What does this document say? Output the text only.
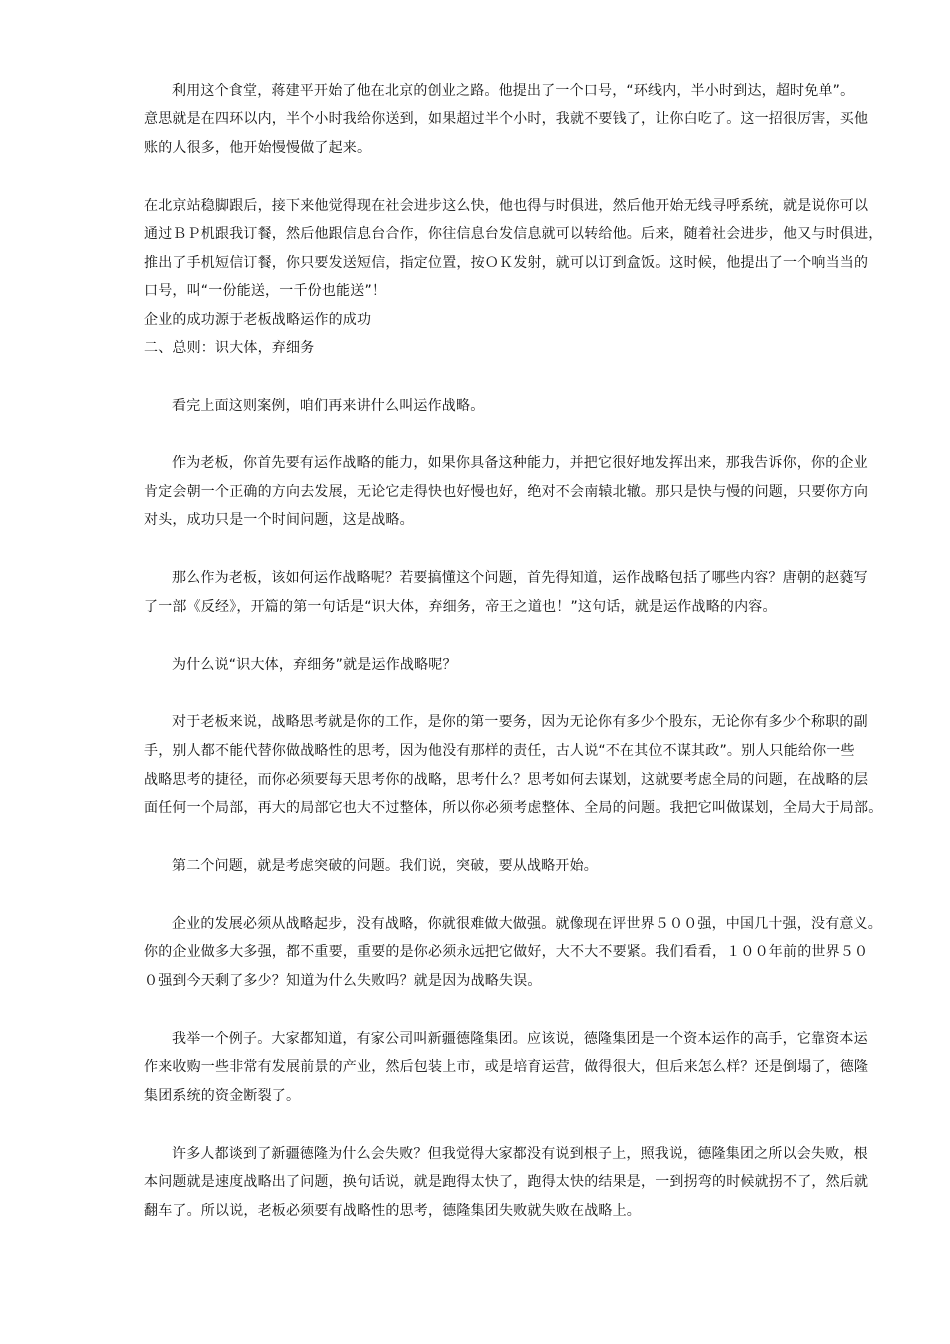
利用这个食堂，蒋建平开始了他在北京的创业之路。他提出了一个口号，“环线内，半小时到达，超时免单”。
意思就是在四环以内，半个小时我给你送到，如果超过半个小时，我就不要钱了，让你白吃了。这一招很厉害，买他
账的人很多，他开始慢慢做了起来。
在北京站稳脚跟后，接下来他觉得现在社会进步这么快，他也得与时俱进，然后他开始无线寻呼系统，就是说你可以
通过ＢＰ机跟我订餐，然后他跟信息台合作，你往信息台发信息就可以转给他。后来，随着社会进步，他又与时俱进，
推出了手机短信订餐，你只要发送短信，指定位置，按ＯＫ发射，就可以订到盒饭。这时候，他提出了一个响当当的
口号，叫“一份能送，一千份也能送”！
企业的成功源于老板战略运作的成功
二、总则：识大体，弃细务
看完上面这则案例，咱们再来讲什么叫运作战略。
作为老板，你首先要有运作战略的能力，如果你具备这种能力，并把它很好地发挥出来，那我告诉你，你的企业
肯定会朝一个正确的方向去发展，无论它走得快也好慢也好，绝对不会南辕北辙。那只是快与慢的问题，只要你方向
对头，成功只是一个时间问题，这是战略。
那么作为老板，该如何运作战略呢？若要搞懂这个问题，首先得知道，运作战略包括了哪些内容？唐朝的赵蕤写
了一部《反经》，开篇的第一句话是“识大体，弃细务，帝王之道也！”这句话，就是运作战略的内容。
为什么说“识大体，弃细务”就是运作战略呢？
对于老板来说，战略思考就是你的工作，是你的第一要务，因为无论你有多少个股东，无论你有多少个称职的副
手，别人都不能代替你做战略性的思考，因为他没有那样的责任，古人说“不在其位不谋其政”。别人只能给你一些
战略思考的捷径，而你必须要每天思考你的战略，思考什么？思考如何去谋划，这就要考虑全局的问题，在战略的层
面任何一个局部，再大的局部它也大不过整体，所以你必须考虑整体、全局的问题。我把它叫做谋划，全局大于局部。
第二个问题，就是考虑突破的问题。我们说，突破，要从战略开始。
企业的发展必须从战略起步，没有战略，你就很难做大做强。就像现在评世界５００强，中国几十强，没有意义。
你的企业做多大多强，都不重要，重要的是你必须永远把它做好，大不大不要紧。我们看看，１００年前的世界５０
０强到今天剩了多少？知道为什么失败吗？就是因为战略失误。
我举一个例子。大家都知道，有家公司叫新疆德隆集团。应该说，德隆集团是一个资本运作的高手，它靠资本运
作来收购一些非常有发展前景的产业，然后包装上市，或是培育运营，做得很大，但后来怎么样？还是倒塌了，德隆
集团系统的资金断裂了。
许多人都谈到了新疆德隆为什么会失败？但我觉得大家都没有说到根子上，照我说，德隆集团之所以会失败，根
本问题就是速度战略出了问题，换句话说，就是跑得太快了，跑得太快的结果是，一到拐弯的时候就拐不了，然后就
翻车了。所以说，老板必须要有战略性的思考，德隆集团失败就失败在战略上。
